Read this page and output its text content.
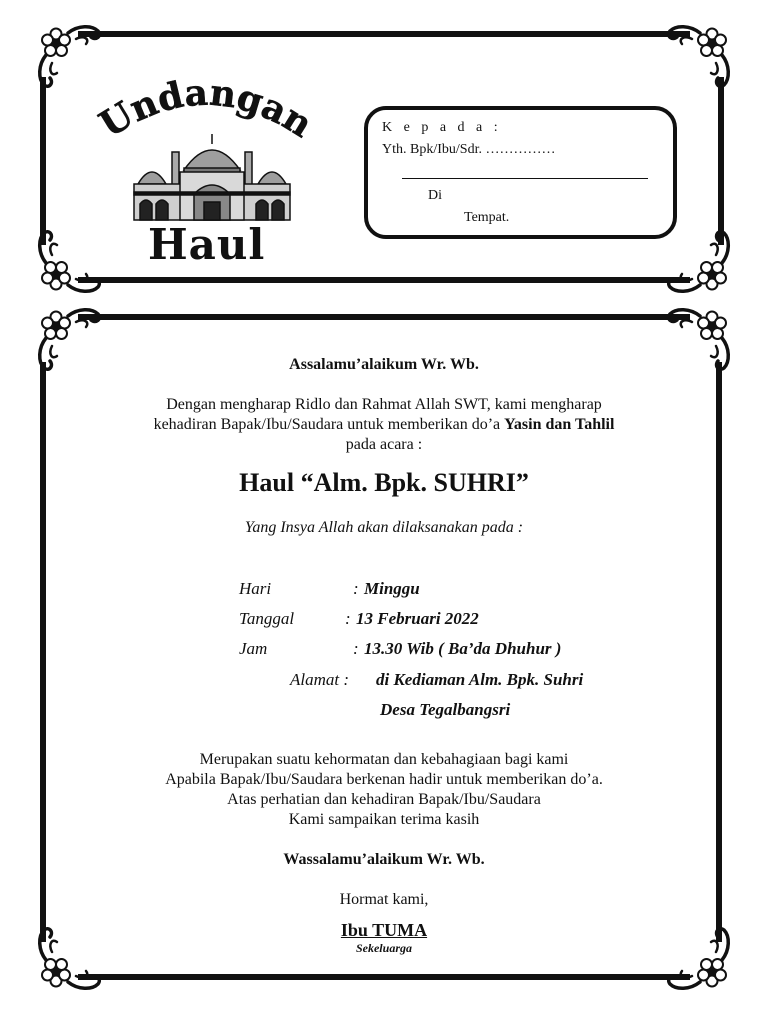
Undangan
Haul
K e p a d a :
Yth. Bpk/Ibu/Sdr. ……………
Di
Tempat.
Assalamu’alaikum Wr. Wb.
Dengan mengharap Ridlo dan Rahmat Allah SWT, kami mengharap
kehadiran Bapak/Ibu/Saudara untuk memberikan do’a Yasin dan Tahlil
pada acara :
Haul “Alm. Bpk. SUHRI”
Yang Insya Allah akan dilaksanakan pada :
Hari	: Minggu
Tanggal	: 13 Februari 2022
Jam	: 13.30 Wib ( Ba’da Dhuhur )
Alamat : di Kediaman Alm. Bpk. Suhri
Desa Tegalbangsri
Merupakan suatu kehormatan dan kebahagiaan bagi kami
Apabila Bapak/Ibu/Saudara berkenan hadir untuk memberikan do’a.
Atas perhatian dan kehadiran Bapak/Ibu/Saudara
Kami sampaikan terima kasih
Wassalamu’alaikum Wr. Wb.
Hormat kami,
Ibu TUMA
Sekeluarga
